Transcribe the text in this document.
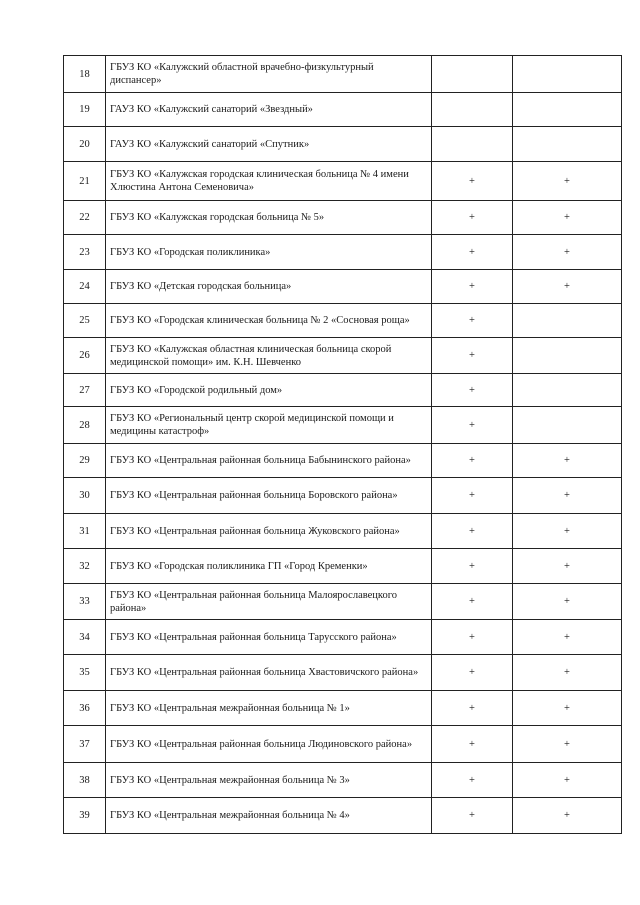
18	ГБУЗ КО «Калужский областной врачебно-физкультурный диспансер»		
19	ГАУЗ КО «Калужский санаторий «Звездный»		
20	ГАУЗ КО «Калужский санаторий «Спутник»		
21	ГБУЗ КО «Калужская городская клиническая больница № 4 имени Хлюстина Антона Семеновича»	+	+
22	ГБУЗ КО «Калужская городская больница № 5»	+	+
23	ГБУЗ КО «Городская поликлиника»	+	+
24	ГБУЗ КО «Детская городская больница»	+	+
25	ГБУЗ КО «Городская клиническая больница № 2 «Сосновая роща»	+	
26	ГБУЗ КО «Калужская областная клиническая больница скорой медицинской помощи» им. К.Н. Шевченко	+	
27	ГБУЗ КО «Городской родильный дом»	+	
28	ГБУЗ КО «Региональный центр скорой медицинской помощи и медицины катастроф»	+	
29	ГБУЗ КО «Центральная районная больница Бабынинского района»	+	+
30	ГБУЗ КО «Центральная районная больница Боровского района»	+	+
31	ГБУЗ КО «Центральная районная больница Жуковского района»	+	+
32	ГБУЗ КО «Городская поликлиника ГП «Город Кременки»	+	+
33	ГБУЗ КО «Центральная районная больница Малоярославецкого района»	+	+
34	ГБУЗ КО «Центральная районная больница Тарусского района»	+	+
35	ГБУЗ КО «Центральная районная больница Хвастовичского района»	+	+
36	ГБУЗ КО «Центральная межрайонная больница № 1»	+	+
37	ГБУЗ КО «Центральная районная больница Людиновского района»	+	+
38	ГБУЗ КО «Центральная межрайонная больница № 3»	+	+
39	ГБУЗ КО «Центральная межрайонная больница № 4»	+	+
